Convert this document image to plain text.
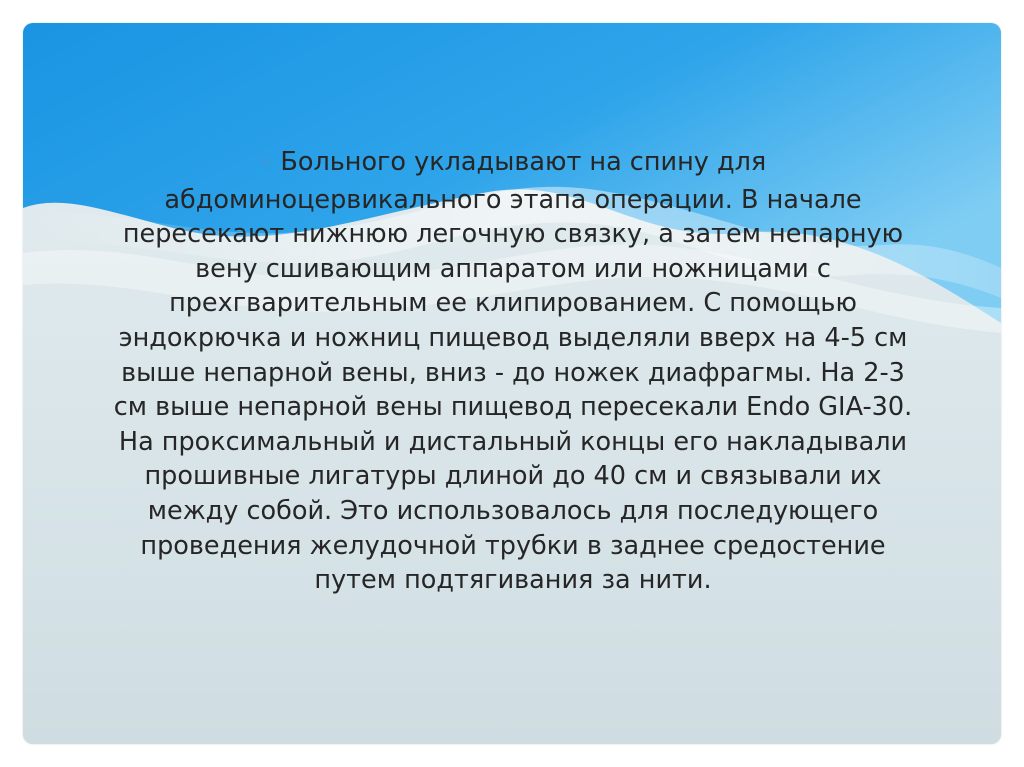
✳ Больного укладывают на спину для абдоминоцервикального этапа операции. В начале пересекают нижнюю легочную связку, а затем непарную вену сшивающим аппаратом или ножницами с прехгварительным ее клипированием. С помощью эндокрючка и ножниц пищевод выделяли вверх на 4-5 см выше непарной вены, вниз - до ножек диафрагмы. На 2-3 см выше непарной вены пищевод пересекали Endo GIA-30. На проксимальный и дистальный концы его накладывали прошивные лигатуры длиной до 40 см и связывали их между собой. Это использовалось для последующего проведения желудочной трубки в заднее средостение путем подтягивания за нити.
